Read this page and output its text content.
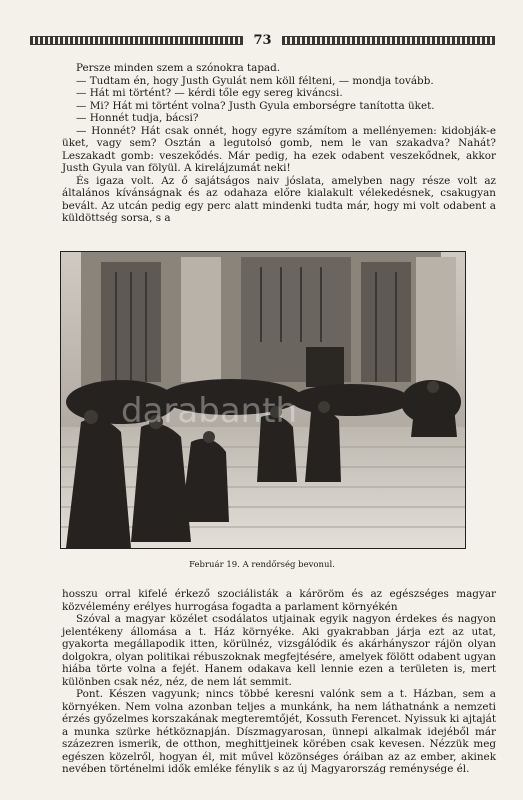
73

Persze minden szem a szónokra tapad.

— Tudtam én, hogy Justh Gyulát nem köll félteni, — mondja tovább.

— Hát mi történt? — kérdi tőle egy sereg kiváncsi.

— Mi? Hát mi történt volna? Justh Gyula emborségre tanította üket.

— Honnét tudja, bácsi?

— Honnét? Hát csak onnét, hogy egyre számítom a mellényemen: kidobják-e üket, vagy sem? Osztán a legutolsó gomb, nem le van szakadva? Nahát? Leszakadt gomb: veszekődés. Már pedig, ha ezek odabent veszekődnek, akkor Justh Gyula van fölyül. A kirelájzumát neki!

És igaza volt. Az ő sajátságos naiv jóslata, amelyben nagy része volt az általános kívánságnak és az odahaza előre kialakult vélekedésnek, csakugyan bevált. Az utcán pedig egy perc alatt mindenki tudta már, hogy mi volt odabent a küldöttség sorsa, s a

darabanth
Február 19. A rendőrség bevonul.

hosszu orral kifelé érkező szociálisták a káröröm és az egészséges magyar közvélemény erélyes hurrogása fogadta a parlament környékén

Szóval a magyar közélet csodálatos utjainak egyik nagyon érdekes és nagyon jelentékeny állomása a t. Ház környéke. Aki gyakrabban járja ezt az utat, gyakorta megállapodik itten, körülnéz, vizsgálódik és akárhányszor rájön olyan dolgokra, olyan politikai rébuszoknak megfejtésére, amelyek fölött odabent ugyan hiába törte volna a fejét. Hanem odakava kell lennie ezen a területen is, mert különben csak néz, néz, de nem lát semmit.

Pont. Készen vagyunk; nincs többé keresni valónk sem a t. Házban, sem a környéken. Nem volna azonban teljes a munkánk, ha nem láthatnánk a nemzeti érzés győzelmes korszakának megteremtőjét, Kossuth Ferencet. Nyissuk ki ajtaját a munka szürke hétköznapján. Díszmagyarosan, ünnepi alkalmak idejéből már százezren ismerik, de otthon, meghittjeinek körében csak kevesen. Nézzük meg egészen közelről, hogyan él, mit művel közönséges óráiban az az ember, akinek nevében történelmi idők emléke fénylik s az új Magyarország reménysége él.
